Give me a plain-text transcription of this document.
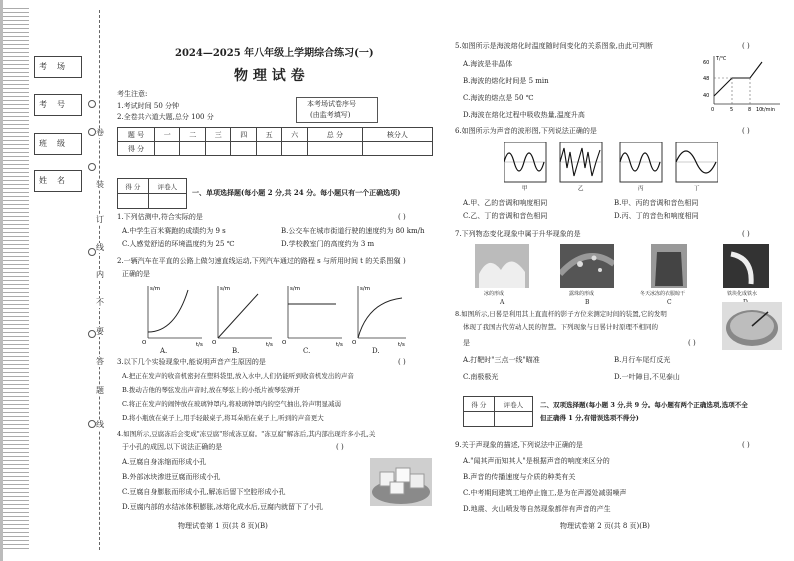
考场
考号
班级
姓名
卷
装
订
线
内
不
要
答
题
线
2024—2025 年八年级上学期综合练习(一)
物 理 试 卷
考生注意:
1.考试时间 50 分钟
2.全卷共六道大题,总分 100 分
本考场试卷序号
(由监考填写)
题 号	一	二	三	四	五	六	总 分	核分人
得 分								
得 分	评卷人

一、单项选择题(每小题 2 分,共 24 分。每小题只有一个正确选项)
1.下列估测中,符合实际的是	( )
A.中学生百米赛跑的成绩约为 9 s	B.公交车在城市街道行驶的速度约为 80 km/h
C.人感觉舒适的环境温度约为 25 ℃	D.学校教室门的高度约为 3 m
2.一辆汽车在平直的公路上做匀速直线运动,下列汽车通过的路程 s 与所用时间 t 的关系图象
( )
正确的是
s/m
t/s
O
s/m
t/s
O
s/m
t/s
O
s/m
t/s
O
A.	B.	C.	D.
3.以下几个实验现象中,能说明声音产生原因的是	( )
A.把正在发声的收音机密封在塑料袋里,放入水中,人们仍能听到收音机发出的声音
B.拨动吉他的琴弦发出声音时,放在琴弦上的小纸片被琴弦弹开
C.将正在发声的闹钟放在玻璃钟罩内,将玻璃钟罩内的空气抽出,铃声明显减弱
D.将小瓶放在桌子上,用手轻敲桌子,将耳朵贴在桌子上,听到的声音更大
4.如图所示,豆腐冻后会变成"冻豆腐"形成冻豆腐。"冻豆腐"解冻后,其内部出现许多小孔,关
于小孔的成因,以下说法正确的是	( )
A.豆腐自身冻缩而形成小孔
B.外部冰块渗进豆腐而形成小孔
C.豆腐自身膨胀而形成小孔,解冻后留下空腔形成小孔
D.豆腐内部的水结冰体积膨胀,冰熔化成水后,豆腐内就留下了小孔
物理试卷第 1 页(共 8 页)(B)
5.如图所示是海波熔化时温度随时间变化的关系图象,由此可判断	( )
A.海波是非晶体
B.海波的熔化时间是 5 min
C.海波的熔点是 50 ℃
D.海波在熔化过程中吸收热量,温度升高
T/℃
t/min
60
48
40
0	5	8 10
6.如图所示为声音的波形图,下列说法正确的是	( )
甲	乙	丙	丁
A.甲、乙的音调和响度相同	B.甲、丙的音调和音色相同
C.乙、丁的音调和音色相同	D.丙、丁的音色和响度相同
7.下列物态变化现象中属于升华现象的是	( )
冰的形成	露珠的形成	冬天冰冻的衣服晾干	铁块化成铁水
A	B	C
8.如图所示,日晷是利用其上直直杆的影子方位来测定时间的装置,它的发明
体现了我国古代劳动人民的智慧。下列现象与日晷计时原理不相同的
是	( )
A.打靶时"三点一线"瞄准	B.月行车尾灯反光
C.南极极光	D.一叶障目,不见泰山
得 分	评卷人
		二、双项选择题(每小题 3 分,共 9 分。每小题有两个正确选项,选项不全
但正确得 1 分,有错误选项不得分)
9.关于声现象的描述,下列说法中正确的是	( )
A."闻其声而知其人"是根据声音的响度来区分的
B.声音的传播速度与介质的种类有关
C.中考期间建筑工地停止施工,是为在声源处减弱噪声
D.地震、火山喷发等自然现象都伴有声音的产生
物理试卷第 2 页(共 8 页)(B)
